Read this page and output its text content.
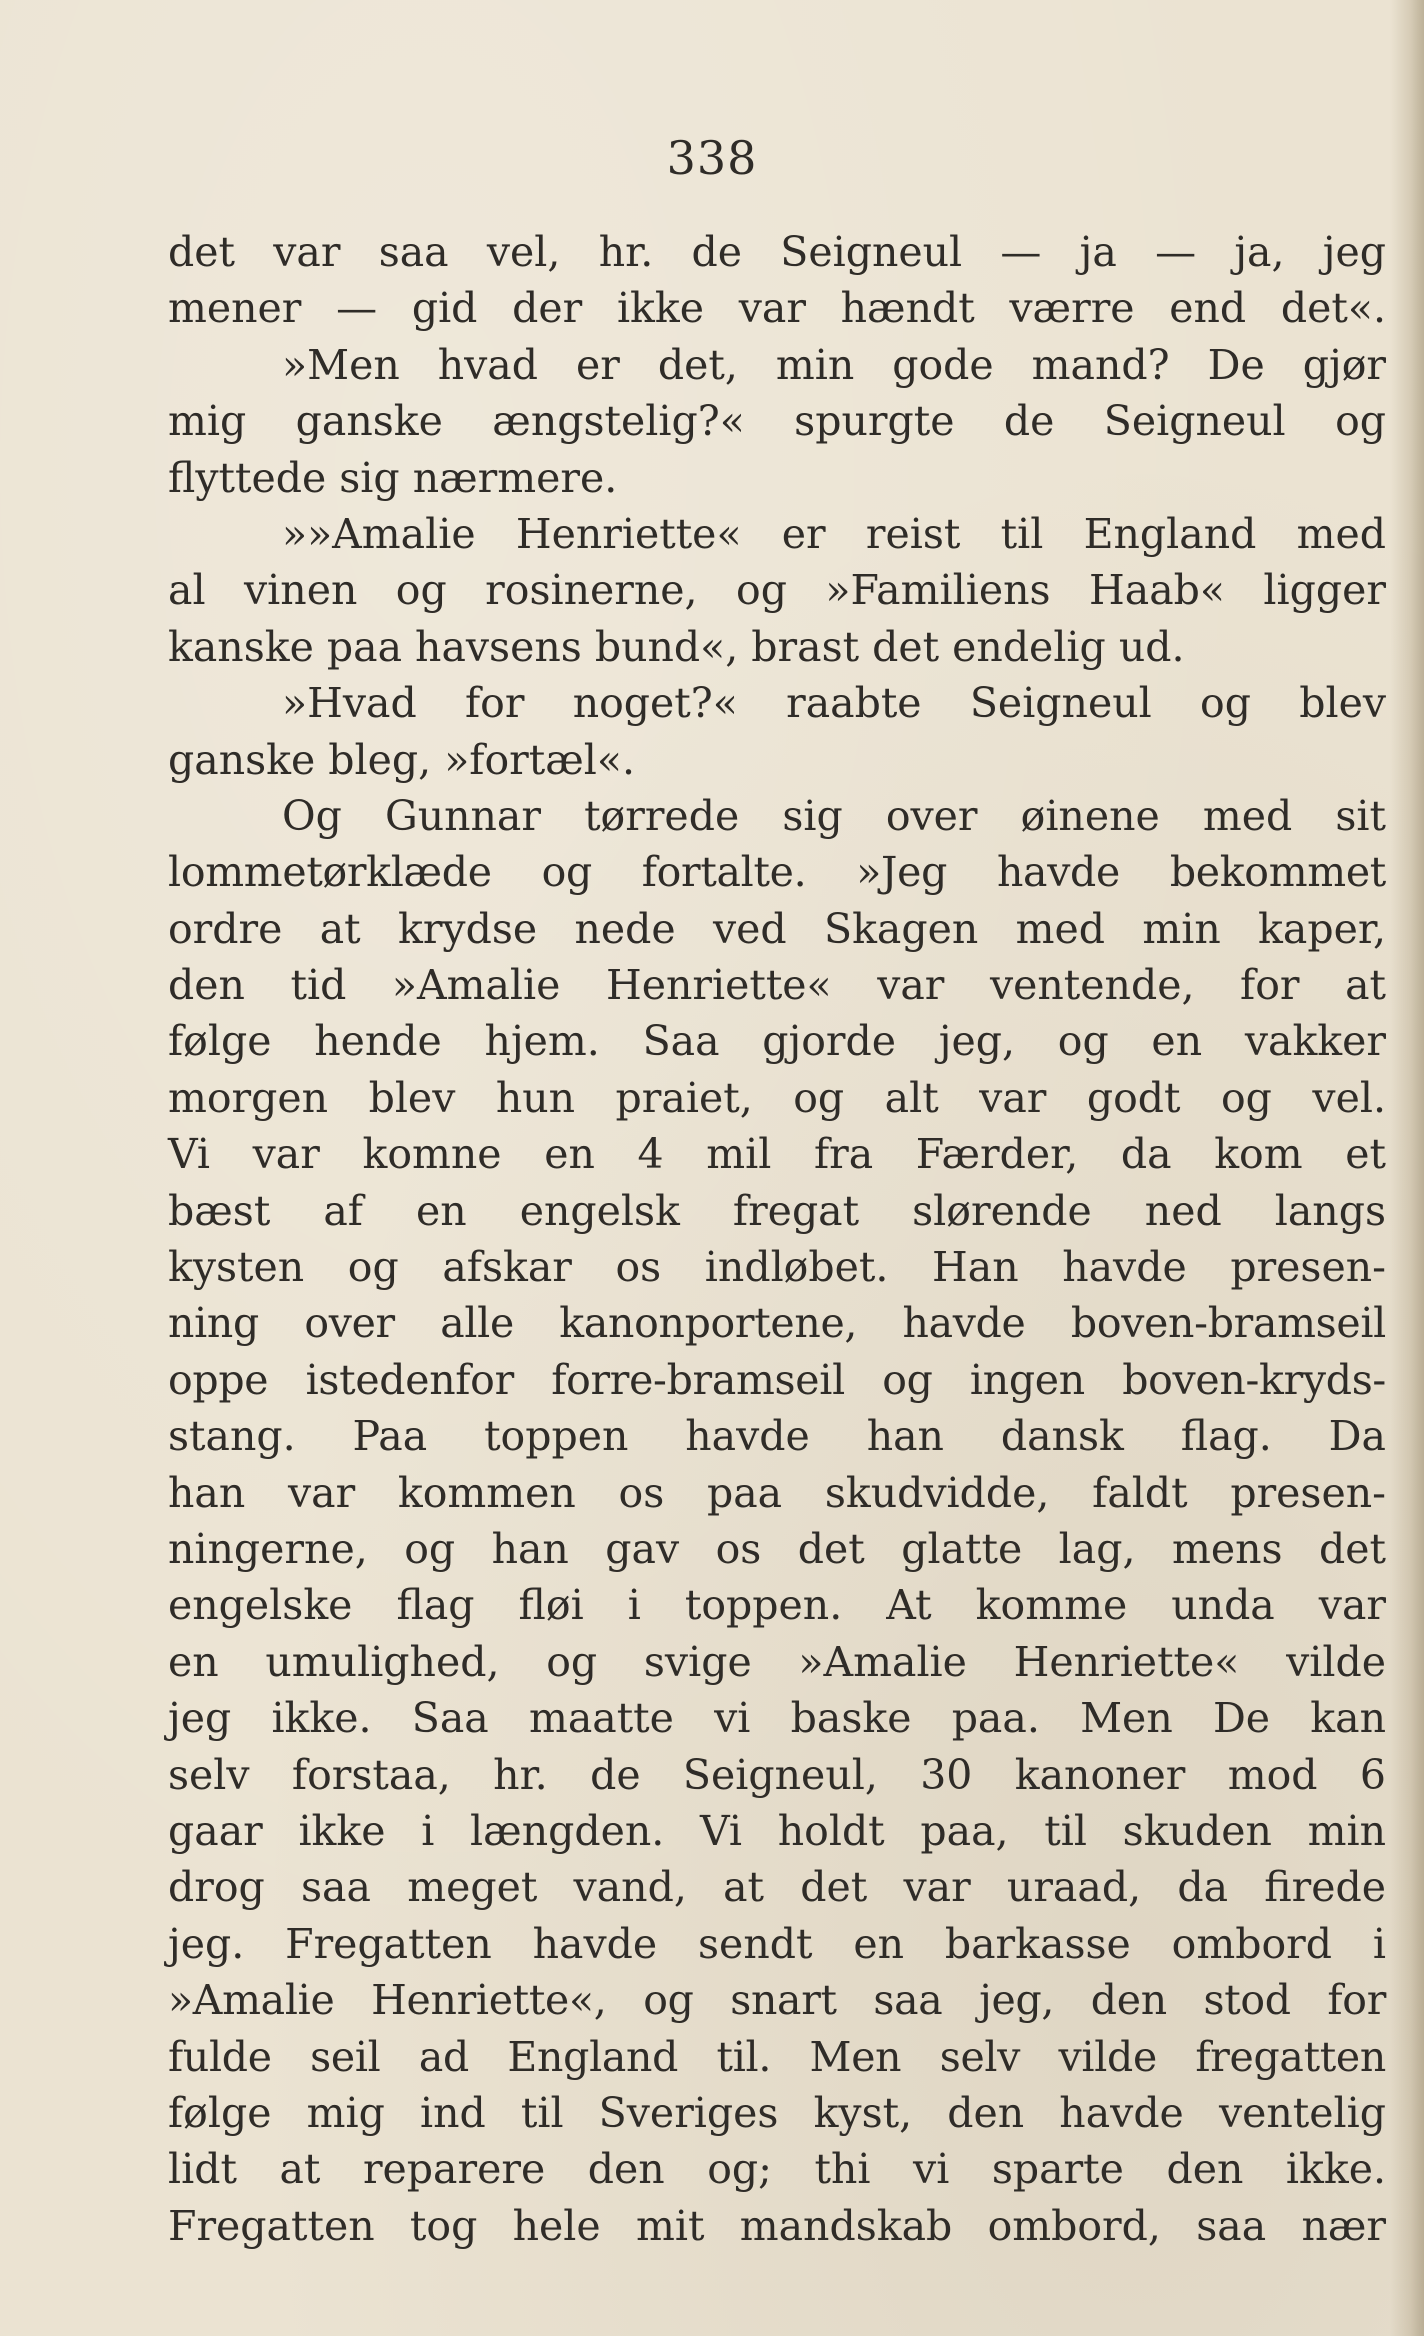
338
det var saa vel, hr. de Seigneul — ja — ja, jeg
mener — gid der ikke var hændt værre end det«.
»Men hvad er det, min gode mand? De gjør
mig ganske ængstelig?« spurgte de Seigneul og
flyttede sig nærmere.
»»Amalie Henriette« er reist til England med
al vinen og rosinerne, og »Familiens Haab« ligger
kanske paa havsens bund«, brast det endelig ud.
»Hvad for noget?« raabte Seigneul og blev
ganske bleg, »fortæl«.
Og Gunnar tørrede sig over øinene med sit
lommetørklæde og fortalte. »Jeg havde bekommet
ordre at krydse nede ved Skagen med min kaper,
den tid »Amalie Henriette« var ventende, for at
følge hende hjem. Saa gjorde jeg, og en vakker
morgen blev hun praiet, og alt var godt og vel.
Vi var komne en 4 mil fra Færder, da kom et
bæst af en engelsk fregat slørende ned langs
kysten og afskar os indløbet. Han havde presen-
ning over alle kanonportene, havde boven-bramseil
oppe istedenfor forre-bramseil og ingen boven-kryds-
stang. Paa toppen havde han dansk flag. Da
han var kommen os paa skudvidde, faldt presen-
ningerne, og han gav os det glatte lag, mens det
engelske flag fløi i toppen. At komme unda var
en umulighed, og svige »Amalie Henriette« vilde
jeg ikke. Saa maatte vi baske paa. Men De kan
selv forstaa, hr. de Seigneul, 30 kanoner mod 6
gaar ikke i længden. Vi holdt paa, til skuden min
drog saa meget vand, at det var uraad, da firede
jeg. Fregatten havde sendt en barkasse ombord i
»Amalie Henriette«, og snart saa jeg, den stod for
fulde seil ad England til. Men selv vilde fregatten
følge mig ind til Sveriges kyst, den havde ventelig
lidt at reparere den og; thi vi sparte den ikke.
Fregatten tog hele mit mandskab ombord, saa nær
